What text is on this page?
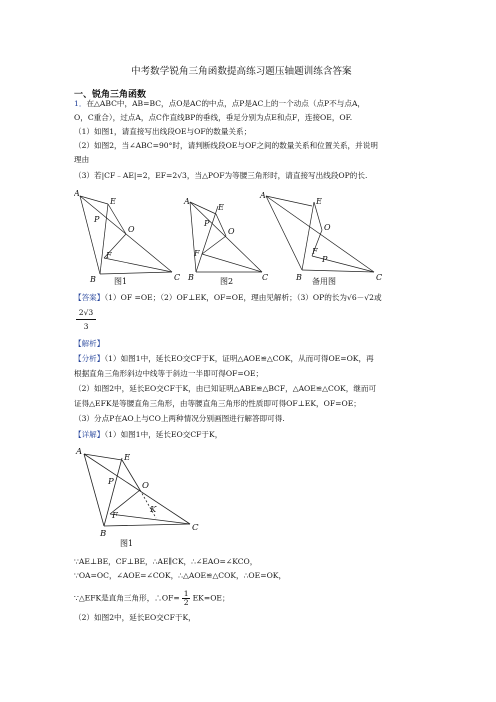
中考数学锐角三角函数提高练习题压轴题训练含答案
一、锐角三角函数
1．在△ABC中，AB=BC，点O是AC的中点，点P是AC上的一个动点（点P不与点A，
O，C重合），过点A，点C作直线BP的垂线，垂足分别为点E和点F，连接OE，OF.
（1）如图1，请直接写出线段OE与OF的数量关系；
（2）如图2，当∠ABC=90°时，请判断线段OE与OF之间的数量关系和位置关系，并说明
理由
（3）若|CF﹣AE|=2，EF=2√3，当△POF为等腰三角形时，请直接写出线段OP的长.
A
E
P
O
F
B	C
图1
A
E
P
O
F
B	C
图2
A
E
O
F
P
B	C
备用图
【答案】（1）OF =OE；（2）OF⊥EK，OF=OE，理由见解析；（3）OP的长为√6－√2或
$\frac{2√3}{3}$
【解析】
【分析】（1）如图1中，延长EO交CF于K，证明△AOE≌△COK，从而可得OE=OK，再
根据直角三角形斜边中线等于斜边一半即可得OF=OE；
（2）如图2中，延长EO交CF于K，由已知证明△ABE≌△BCF，△AOE≌△COK，继而可
证得△EFK是等腰直角三角形，由等腰直角三角形的性质即可得OF⊥EK，OF=OE；
（3）分点P在AO上与CO上两种情况分别画图进行解答即可得.
【详解】（1）如图1中，延长EO交CF于K，
A
E
P	O
K
F
B
C
图1
∵AE⊥BE，CF⊥BE，∴AE∥CK，∴∠EAO=∠KCO，
∵OA=OC，∠AOE=∠COK，∴△AOE≌△COK，∴OE=OK，
∵△EFK是直角三角形，∴OF= $\frac{1}{2} EK=OE$；
（2）如图2中，延长EO交CF于K，
